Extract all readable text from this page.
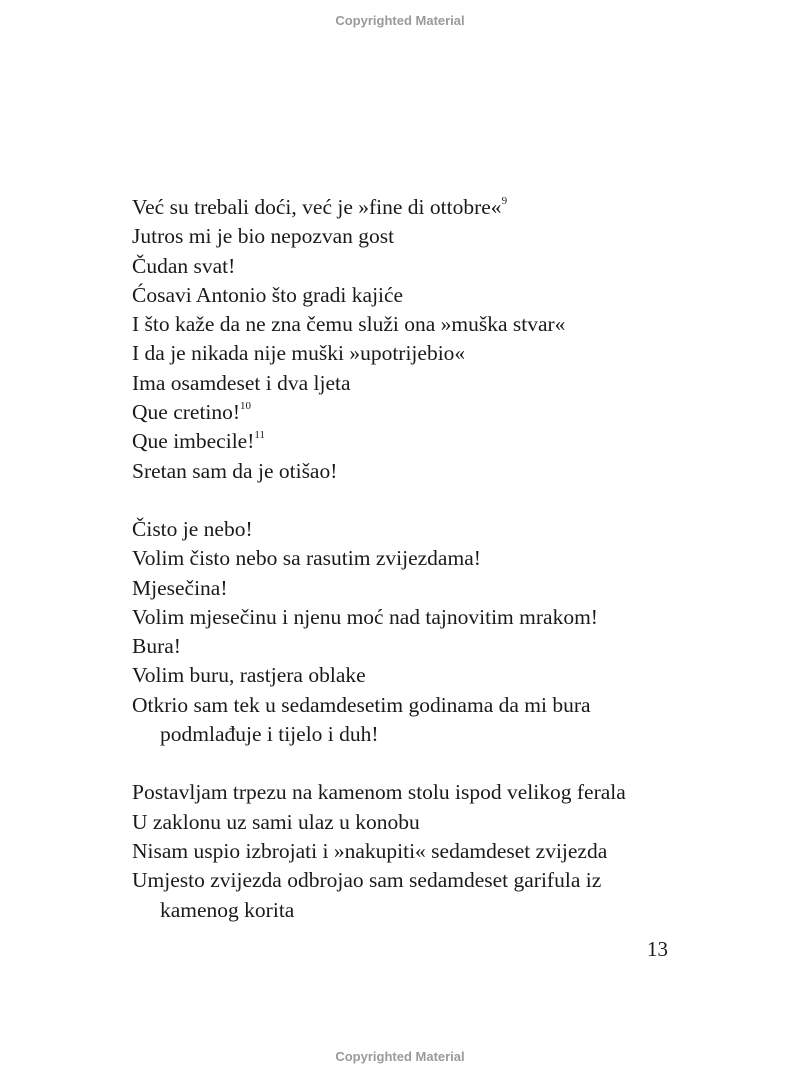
Copyrighted Material
Već su trebali doći, već je »fine di ottobre«$^9$
Jutros mi je bio nepozvan gost
Čudan svat!
Ćosavi Antonio što gradi kajiće
I što kaže da ne zna čemu služi ona »muška stvar«
I da je nikada nije muški »upotrijebio«
Ima osamdeset i dva ljeta
Que cretino!$^{10}$
Que imbecile!$^{11}$
Sretan sam da je otišao!
Čisto je nebo!
Volim čisto nebo sa rasutim zvijezdama!
Mjesečina!
Volim mjesečinu i njenu moć nad tajnovitim mrakom!
Bura!
Volim buru, rastjera oblake
Otkrio sam tek u sedamdesetim godinama da mi bura
podmlađuje i tijelo i duh!
Postavljam trpezu na kamenom stolu ispod velikog ferala
U zaklonu uz sami ulaz u konobu
Nisam uspio izbrojati i »nakupiti« sedamdeset zvijezda
Umjesto zvijezda odbrojao sam sedamdeset garifula iz
kamenog korita
13
Copyrighted Material
